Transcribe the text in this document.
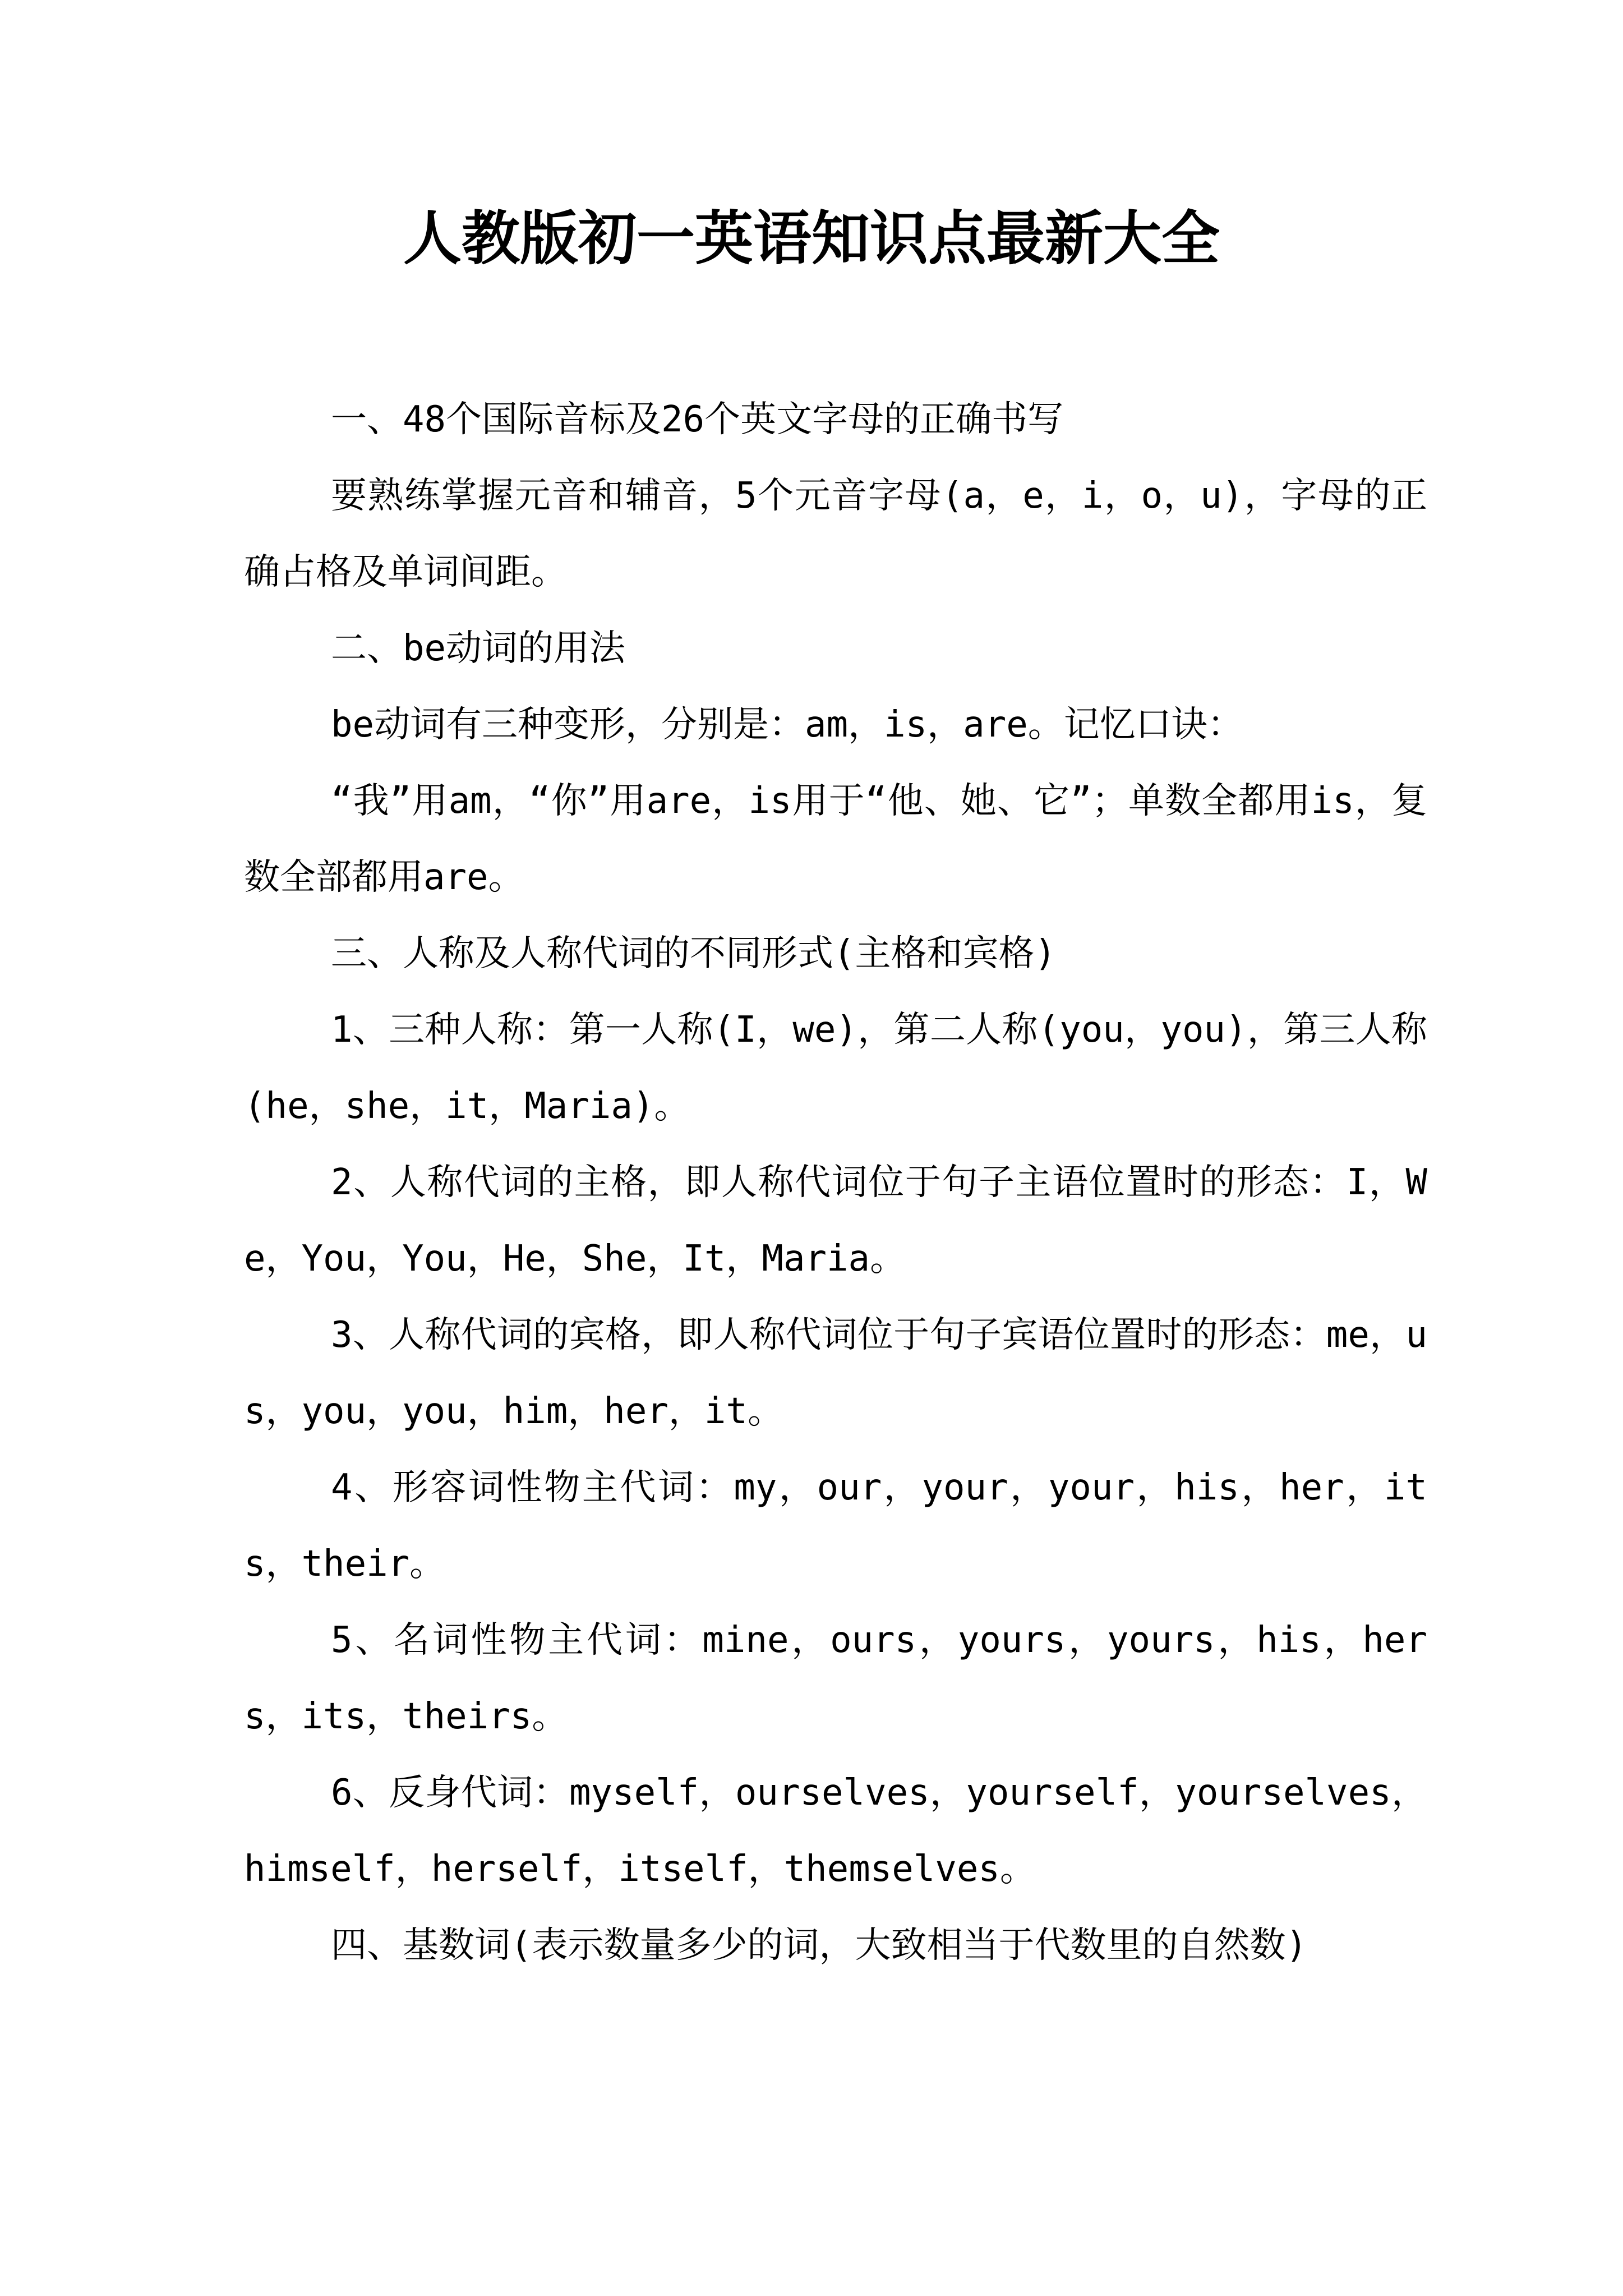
人教版初一英语知识点最新大全

一、48个国际音标及26个英文字母的正确书写

要熟练掌握元音和辅音，5个元音字母(a，e，i，o，u)，字母的正确占格及单词间距。

二、be动词的用法

be动词有三种变形，分别是：am，is，are。记忆口诀：

“我”用am，“你”用are，is用于“他、她、它”；单数全都用is，复数全部都用are。

三、人称及人称代词的不同形式(主格和宾格)

1、三种人称：第一人称(I，we)，第二人称(you，you)，第三人称(he，she，it，Maria)。

2、人称代词的主格，即人称代词位于句子主语位置时的形态：I，We，You，You，He，She，It，Maria。

3、人称代词的宾格，即人称代词位于句子宾语位置时的形态：me，us，you，you，him，her，it。

4、形容词性物主代词：my，our，your，your，his，her，its，their。

5、名词性物主代词：mine，ours，yours，yours，his，hers，its，theirs。

6、反身代词：myself，ourselves，yourself，yourselves，himself，herself，itself，themselves。

四、基数词(表示数量多少的词，大致相当于代数里的自然数)
